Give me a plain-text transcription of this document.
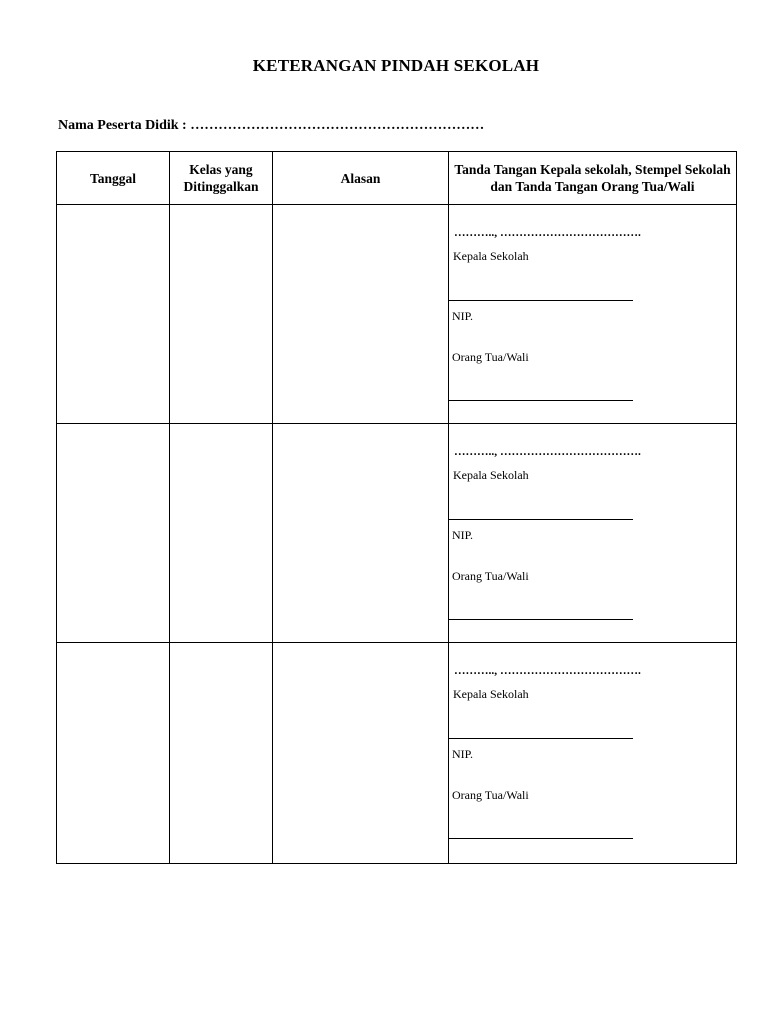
KETERANGAN PINDAH SEKOLAH
Nama Peserta Didik : ………………………………………………………
Tanggal	Kelas yang Ditinggalkan	Alasan	Tanda Tangan Kepala sekolah, Stempel Sekolah dan Tanda Tangan Orang Tua/Wali

			……….., ……………………………….
Kepala Sekolah
NIP.
Orang Tua/Wali

			……….., ……………………………….
Kepala Sekolah
NIP.
Orang Tua/Wali

			……….., ……………………………….
Kepala Sekolah
NIP.
Orang Tua/Wali
